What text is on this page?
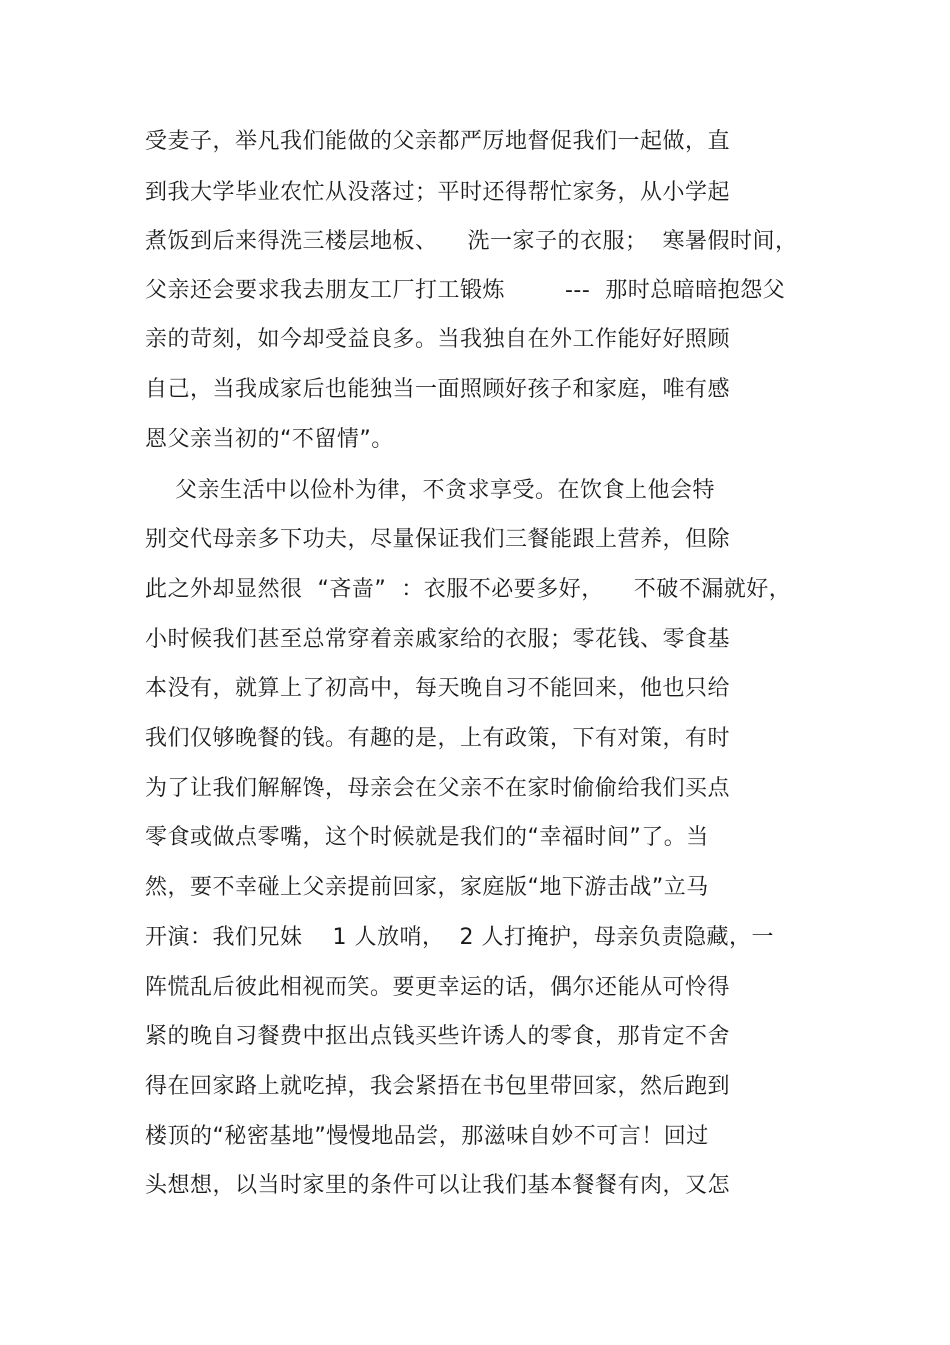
受麦子，举凡我们能做的父亲都严厉地督促我们一起做，直
到我大学毕业农忙从没落过；平时还得帮忙家务，从小学起
煮饭到后来得洗三楼层地板、    洗一家子的衣服；  寒暑假时间，
父亲还会要求我去朋友工厂打工锻炼        ---  那时总暗暗抱怨父
亲的苛刻，如今却受益良多。当我独自在外工作能好好照顾
自己，当我成家后也能独当一面照顾好孩子和家庭，唯有感
恩父亲当初的“不留情”。
父亲生活中以俭朴为律，不贪求享受。在饮食上他会特
别交代母亲多下功夫，尽量保证我们三餐能跟上营养，但除
此之外却显然很  “吝啬”  ：衣服不必要多好，    不破不漏就好，
小时候我们甚至总常穿着亲戚家给的衣服；零花钱、零食基
本没有，就算上了初高中，每天晚自习不能回来，他也只给
我们仅够晚餐的钱。有趣的是，上有政策，下有对策，有时
为了让我们解解馋，母亲会在父亲不在家时偷偷给我们买点
零食或做点零嘴，这个时候就是我们的“幸福时间”了。当
然，要不幸碰上父亲提前回家，家庭版“地下游击战”立马
开演：我们兄妹    1 人放哨，  2 人打掩护，母亲负责隐藏，一
阵慌乱后彼此相视而笑。要更幸运的话，偶尔还能从可怜得
紧的晚自习餐费中抠出点钱买些许诱人的零食，那肯定不舍
得在回家路上就吃掉，我会紧捂在书包里带回家，然后跑到
楼顶的“秘密基地”慢慢地品尝，那滋味自妙不可言！回过
头想想，以当时家里的条件可以让我们基本餐餐有肉，又怎
